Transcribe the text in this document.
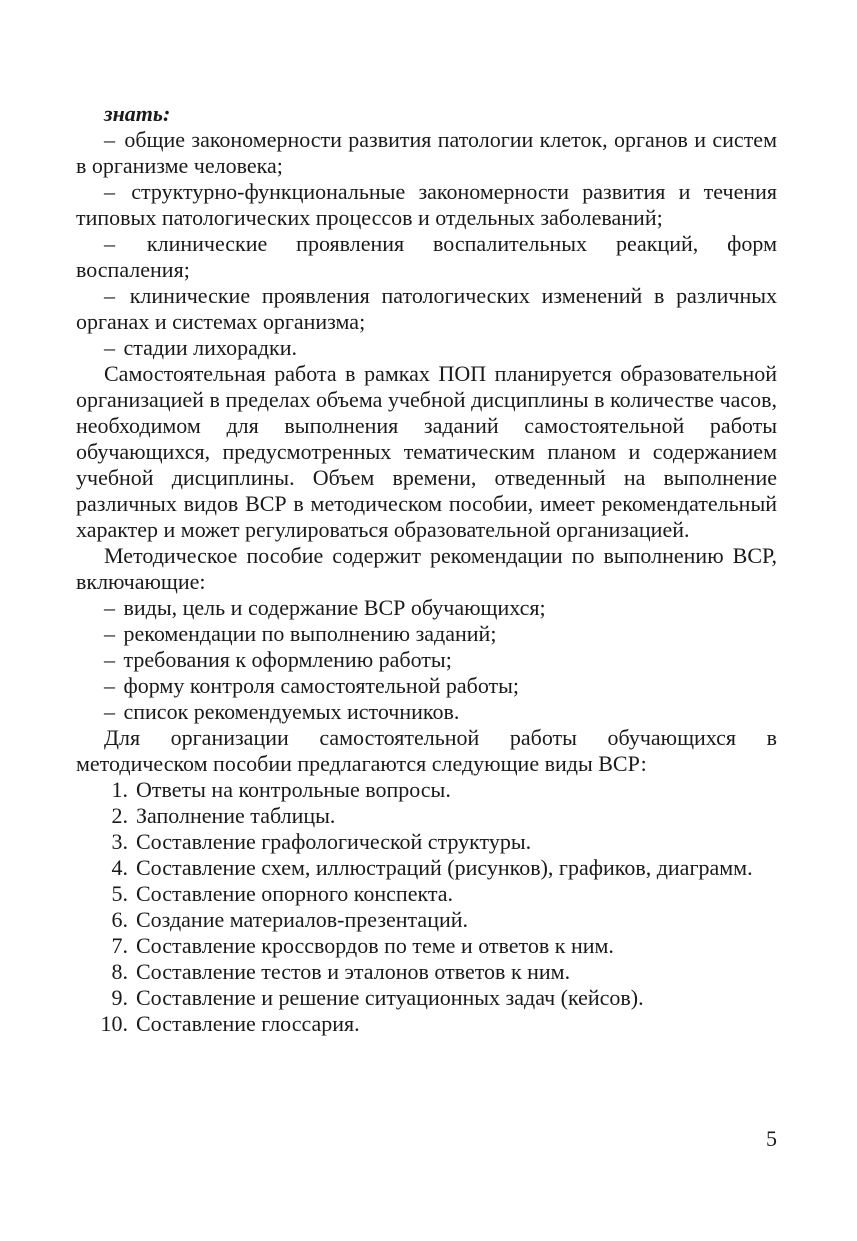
знать:

– общие закономерности развития патологии клеток, органов и систем в организме человека;

– структурно-функциональные закономерности развития и течения типовых патологических процессов и отдельных заболеваний;

– клинические проявления воспалительных реакций, форм воспаления;

– клинические проявления патологических изменений в различных органах и системах организма;

– стадии лихорадки.

Самостоятельная работа в рамках ПОП планируется образовательной организацией в пределах объема учебной дисциплины в количестве часов, необходимом для выполнения заданий самостоятельной работы обучающихся, предусмотренных тематическим планом и содержанием учебной дисциплины. Объем времени, отведенный на выполнение различных видов ВСР в методическом пособии, имеет рекомендательный характер и может регулироваться образовательной организацией.

Методическое пособие содержит рекомендации по выполнению ВСР, включающие:

– виды, цель и содержание ВСР обучающихся;

– рекомендации по выполнению заданий;

– требования к оформлению работы;

– форму контроля самостоятельной работы;

– список рекомендуемых источников.

Для организации самостоятельной работы обучающихся в методическом пособии предлагаются следующие виды ВСР:

1. Ответы на контрольные вопросы.

2. Заполнение таблицы.

3. Составление графологической структуры.

4. Составление схем, иллюстраций (рисунков), графиков, диаграмм.

5. Составление опорного конспекта.

6. Создание материалов-презентаций.

7. Составление кроссвордов по теме и ответов к ним.

8. Составление тестов и эталонов ответов к ним.

9. Составление и решение ситуационных задач (кейсов).

10. Составление глоссария.

5
